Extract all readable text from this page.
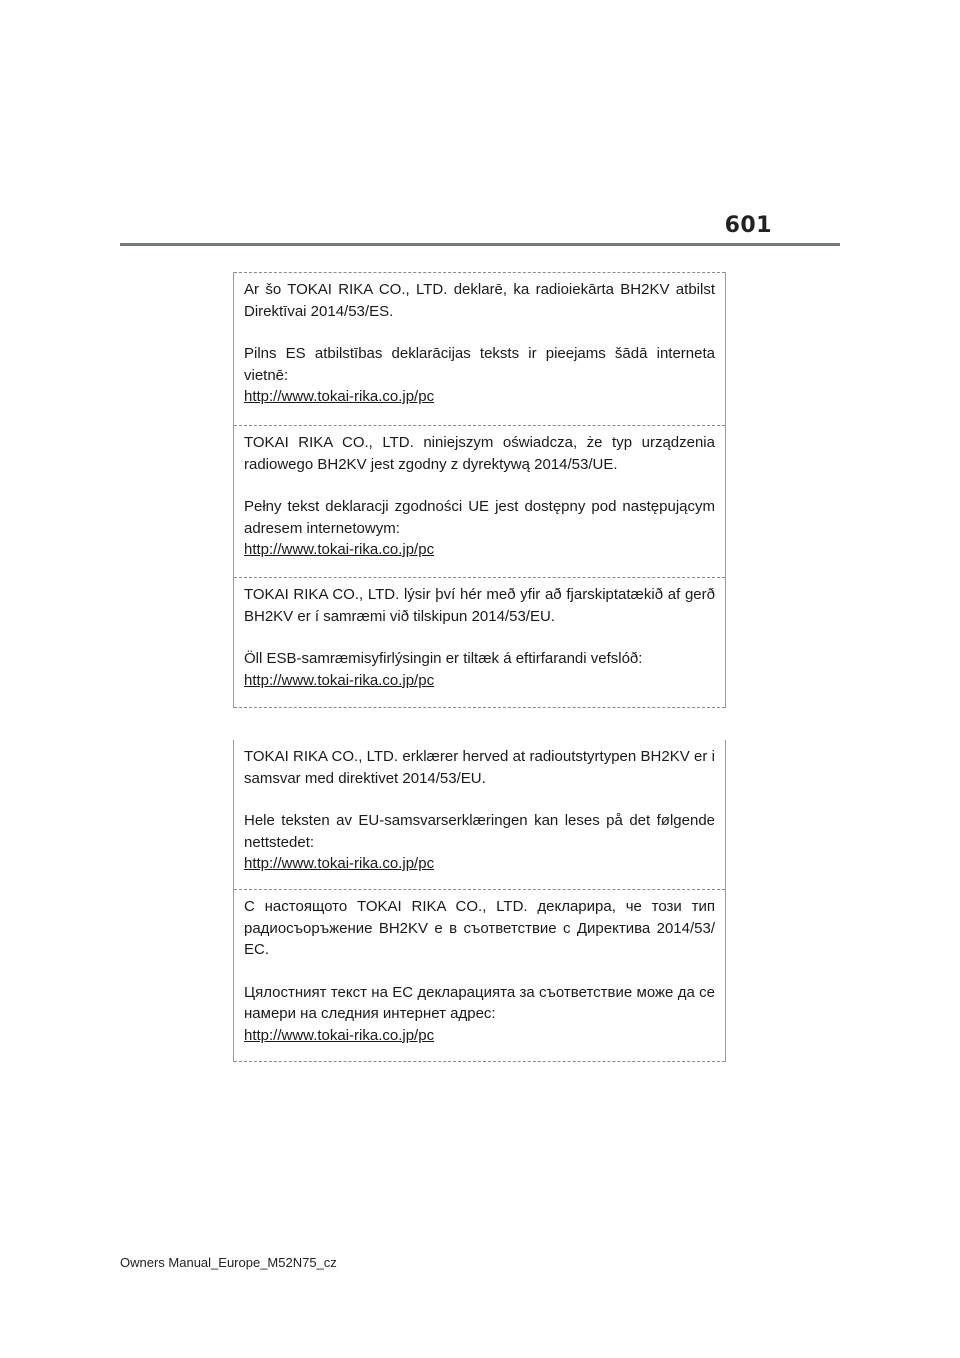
601

Ar šo TOKAI RIKA CO., LTD. deklarē, ka radioiekārta BH2KV atbilst Direktīvai 2014/53/ES.

Pilns ES atbilstības deklarācijas teksts ir pieejams šādā interneta vietnē:

http://www.tokai-rika.co.jp/pc

TOKAI RIKA CO., LTD. niniejszym oświadcza, że typ urządzenia radiowego BH2KV jest zgodny z dyrektywą 2014/53/UE.

Pełny tekst deklaracji zgodności UE jest dostępny pod następującym adresem internetowym:

http://www.tokai-rika.co.jp/pc

TOKAI RIKA CO., LTD. lýsir því hér með yfir að fjarskiptatækið af gerð BH2KV er í samræmi við tilskipun 2014/53/EU.

Öll ESB-samræmisyfirlýsingin er tiltæk á eftirfarandi vefslóð:

http://www.tokai-rika.co.jp/pc

TOKAI RIKA CO., LTD. erklærer herved at radioutstyrtypen BH2KV er i samsvar med direktivet 2014/53/EU.

Hele teksten av EU-samsvarserklæringen kan leses på det følgende nettstedet:

http://www.tokai-rika.co.jp/pc

С настоящото TOKAI RIKA CO., LTD. декларира, че този тип радиосъоръжение BH2KV е в съответствие с Директива 2014/53/ЕС.

Цялостният текст на ЕС декларацията за съответствие може да се намери на следния интернет адрес:

http://www.tokai-rika.co.jp/pc
Owners Manual_Europe_M52N75_cz
